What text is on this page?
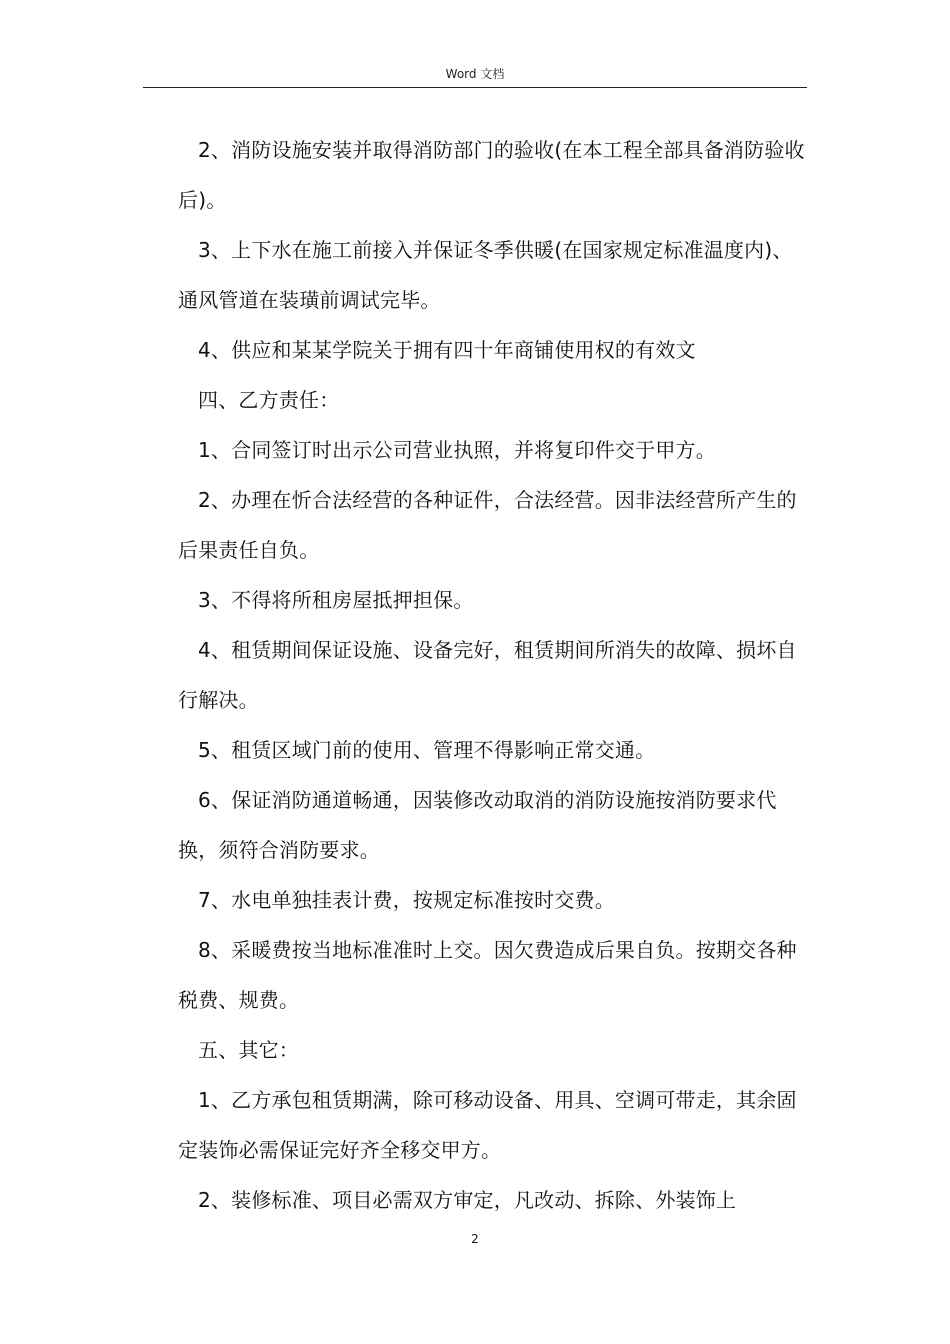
Word 文档

2、消防设施安装并取得消防部门的验收(在本工程全部具备消防验收后)。

3、上下水在施工前接入并保证冬季供暖(在国家规定标准温度内)、通风管道在装璜前调试完毕。

4、供应和某某学院关于拥有四十年商铺使用权的有效文

四、乙方责任：

1、合同签订时出示公司营业执照，并将复印件交于甲方。

2、办理在忻合法经营的各种证件，合法经营。因非法经营所产生的后果责任自负。

3、不得将所租房屋抵押担保。

4、租赁期间保证设施、设备完好，租赁期间所消失的故障、损坏自行解决。

5、租赁区域门前的使用、管理不得影响正常交通。

6、保证消防通道畅通，因装修改动取消的消防设施按消防要求代换，须符合消防要求。

7、水电单独挂表计费，按规定标准按时交费。

8、采暖费按当地标准准时上交。因欠费造成后果自负。按期交各种税费、规费。

五、其它：

1、乙方承包租赁期满，除可移动设备、用具、空调可带走，其余固定装饰必需保证完好齐全移交甲方。

2、装修标准、项目必需双方审定，凡改动、拆除、外装饰上

2
